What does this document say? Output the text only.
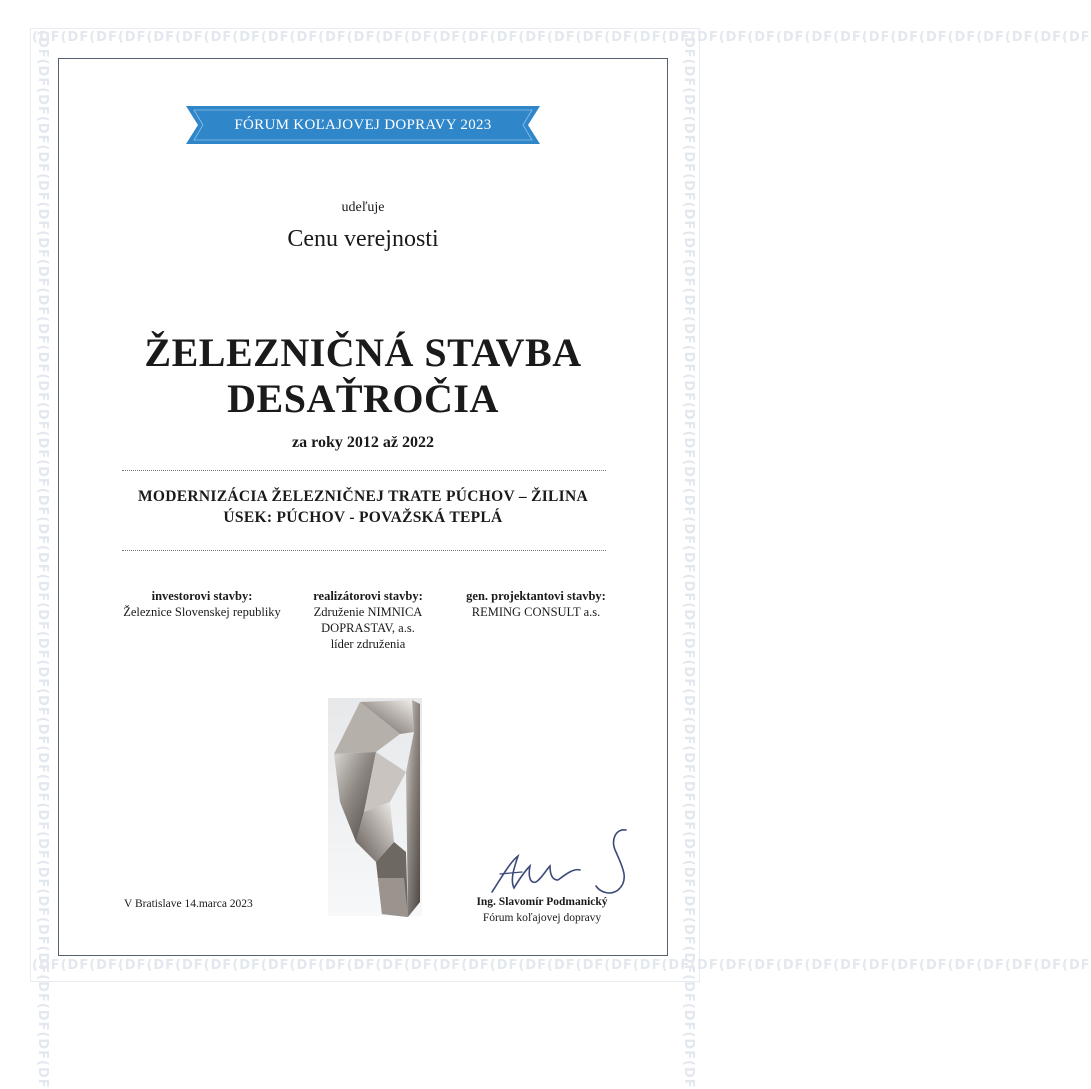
(DF(DF(DF(DF(DF(DF(DF(DF(DF(DF(DF(DF(DF(DF(DF(DF(DF(DF(DF(DF(DF(DF(DF(DF(DF(DF(DF(DF(DF(DF(DF(DF(DF(DF(DF(DF(DF
(DF(DF(DF(DF(DF(DF(DF(DF(DF(DF(DF(DF(DF(DF(DF(DF(DF(DF(DF(DF(DF(DF(DF(DF(DF(DF(DF(DF(DF(DF(DF(DF(DF(DF(DF(DF(DF
(DF(DF(DF(DF(DF(DF(DF(DF(DF(DF(DF(DF(DF(DF(DF(DF(DF(DF(DF(DF(DF(DF(DF(DF(DF(DF(DF(DF(DF(DF(DF(DF(DF(DF(DF(DF(DF	(DF(DF(DF(DF(DF(DF(DF(DF(DF(DF(DF(DF(DF(DF(DF(DF(DF(DF(DF(DF(DF(DF(DF(DF(DF(DF(DF(DF(DF(DF(DF(DF(DF(DF(DF(DF(DF
FÓRUM KOĽAJOVEJ DOPRAVY 2023
udeľuje
Cenu verejnosti
ŽELEZNIČNÁ STAVBA
DESAŤROČIA
za roky 2012 až 2022
MODERNIZÁCIA ŽELEZNIČNEJ TRATE PÚCHOV – ŽILINA
ÚSEK: PÚCHOV - POVAŽSKÁ TEPLÁ
investorovi stavby:
Železnice Slovenskej republiky
realizátorovi stavby:
Združenie NIMNICA
DOPRASTAV, a.s.
líder združenia
gen. projektantovi stavby:
REMING CONSULT a.s.
V Bratislave 14.marca 2023	Ing. Slavomír Podmanický
Fórum koľajovej dopravy
